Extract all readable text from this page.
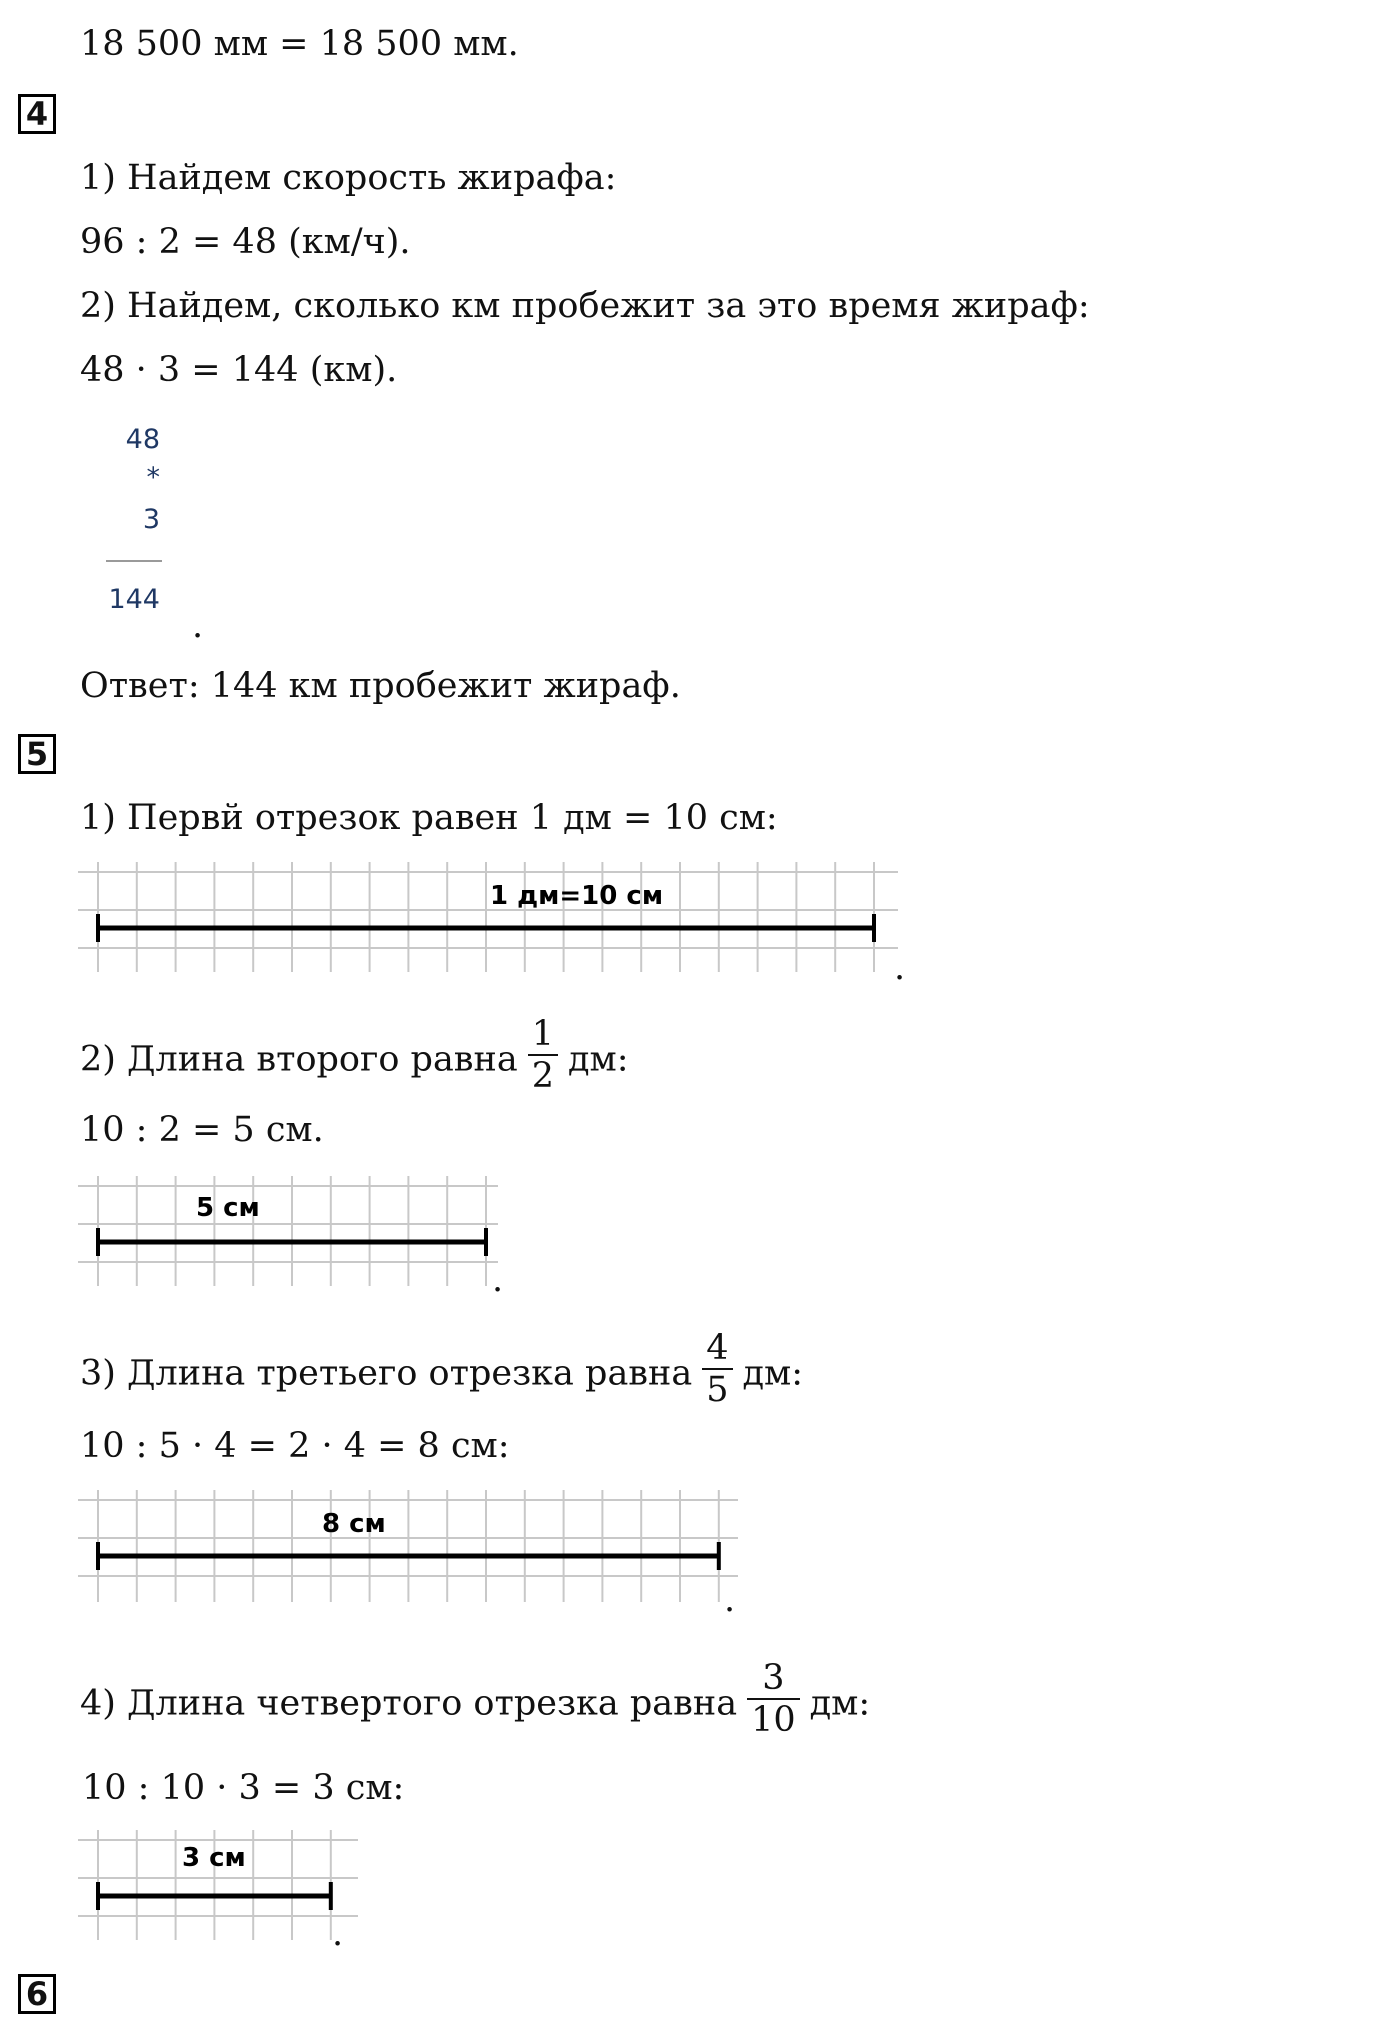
18 500 мм = 18 500 мм.
4
1) Найдем скорость жирафа:
96 : 2 = 48 (км/ч).
2) Найдем, сколько км пробежит за это время жираф:
48 · 3 = 144 (км).
48
*
3
144
.
Ответ: 144 км пробежит жираф.
5
1) Первй отрезок равен 1 дм = 10 см:
1 дм=10 см
.
2) Длина второго равна $\frac{1}{2}$ дм:
10 : 2 = 5 см.
5 см
.
3) Длина третьего отрезка равна $\frac{4}{5}$ дм:
10 : 5 · 4 = 2 · 4 = 8 см:
8 см
.
4) Длина четвертого отрезка равна $\frac{3}{10}$ дм:
10 : 10 · 3 = 3 см:
3 см
.
6
